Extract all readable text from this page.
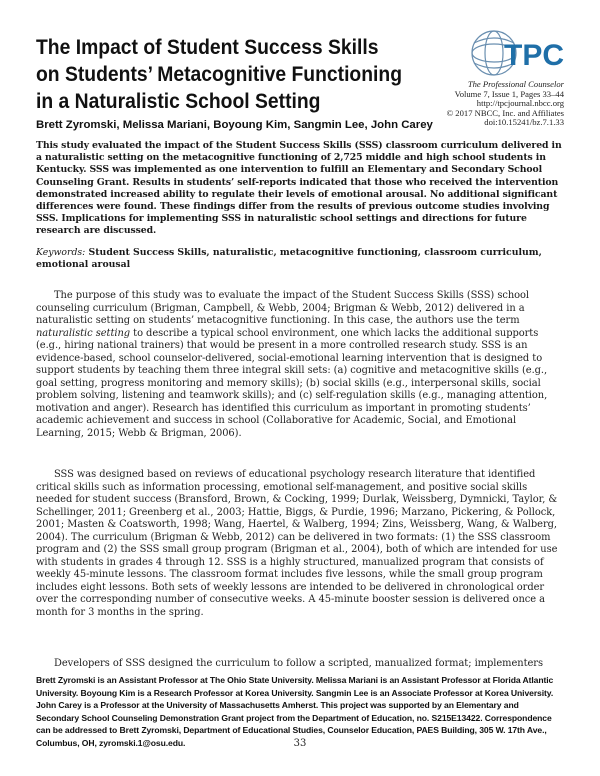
The Impact of Student Success Skills on Students’ Metacognitive Functioning in a Naturalistic School Setting
TPC
The Professional Counselor
Volume 7, Issue 1, Pages 33–44
http://tpcjournal.nbcc.org
© 2017 NBCC, Inc. and Affiliates
doi:10.15241/bz.7.1.33
Brett Zyromski, Melissa Mariani, Boyoung Kim, Sangmin Lee, John Carey

This study evaluated the impact of the Student Success Skills (SSS) classroom curriculum delivered in a naturalistic setting on the metacognitive functioning of 2,725 middle and high school students in Kentucky. SSS was implemented as one intervention to fulfill an Elementary and Secondary School Counseling Grant. Results in students’ self-reports indicated that those who received the intervention demonstrated increased ability to regulate their levels of emotional arousal. No additional significant differences were found. These findings differ from the results of previous outcome studies involving SSS. Implications for implementing SSS in naturalistic school settings and directions for future research are discussed.

Keywords: Student Success Skills, naturalistic, metacognitive functioning, classroom curriculum, emotional arousal

The purpose of this study was to evaluate the impact of the Student Success Skills (SSS) school counseling curriculum (Brigman, Campbell, & Webb, 2004; Brigman & Webb, 2012) delivered in a naturalistic setting on students’ metacognitive functioning. In this case, the authors use the term naturalistic setting to describe a typical school environment, one which lacks the additional supports (e.g., hiring national trainers) that would be present in a more controlled research study. SSS is an evidence-based, school counselor-delivered, social-emotional learning intervention that is designed to support students by teaching them three integral skill sets: (a) cognitive and metacognitive skills (e.g., goal setting, progress monitoring and memory skills); (b) social skills (e.g., interpersonal skills, social problem solving, listening and teamwork skills); and (c) self-regulation skills (e.g., managing attention, motivation and anger). Research has identified this curriculum as important in promoting students’ academic achievement and success in school (Collaborative for Academic, Social, and Emotional Learning, 2015; Webb & Brigman, 2006).

SSS was designed based on reviews of educational psychology research literature that identified critical skills such as information processing, emotional self-management, and positive social skills needed for student success (Bransford, Brown, & Cocking, 1999; Durlak, Weissberg, Dymnicki, Taylor, & Schellinger, 2011; Greenberg et al., 2003; Hattie, Biggs, & Purdie, 1996; Marzano, Pickering, & Pollock, 2001; Masten & Coatsworth, 1998; Wang, Haertel, & Walberg, 1994; Zins, Weissberg, Wang, & Walberg, 2004). The curriculum (Brigman & Webb, 2012) can be delivered in two formats: (1) the SSS classroom program and (2) the SSS small group program (Brigman et al., 2004), both of which are intended for use with students in grades 4 through 12. SSS is a highly structured, manualized program that consists of weekly 45-minute lessons. The classroom format includes five lessons, while the small group program includes eight lessons. Both sets of weekly lessons are intended to be delivered in chronological order over the corresponding number of consecutive weeks. A 45-minute booster session is delivered once a month for 3 months in the spring.

Developers of SSS designed the curriculum to follow a scripted, manualized format; implementers

Brett Zyromski is an Assistant Professor at The Ohio State University. Melissa Mariani is an Assistant Professor at Florida Atlantic University. Boyoung Kim is a Research Professor at Korea University. Sangmin Lee is an Associate Professor at Korea University. John Carey is a Professor at the University of Massachusetts Amherst. This project was supported by an Elementary and Secondary School Counseling Demonstration Grant project from the Department of Education, no. S215E13422. Correspondence can be addressed to Brett Zyromski, Department of Educational Studies, Counselor Education, PAES Building, 305 W. 17th Ave., Columbus, OH, zyromski.1@osu.edu.	33
